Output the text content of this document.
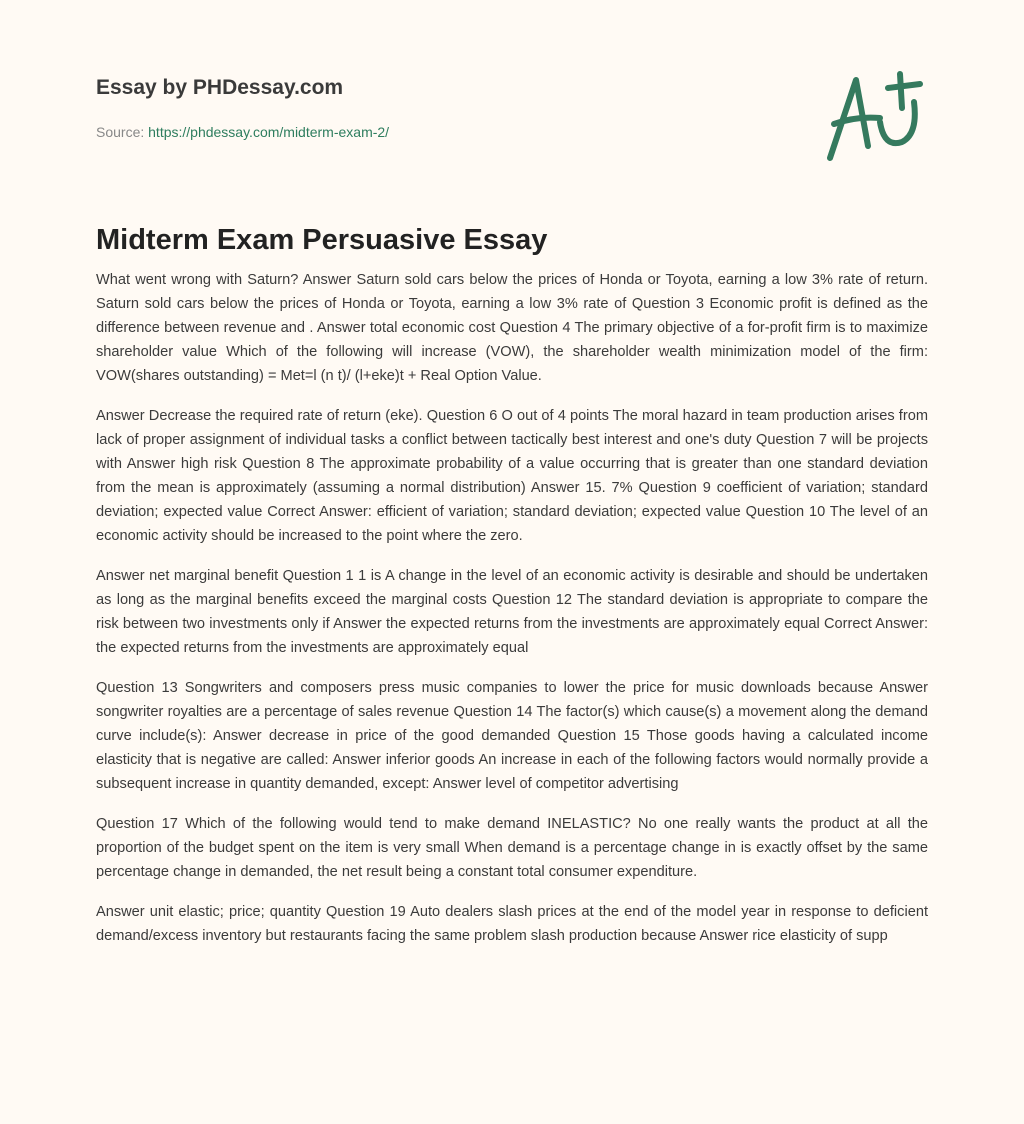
Essay by PHDessay.com
Source: https://phdessay.com/midterm-exam-2/
Midterm Exam Persuasive Essay

What went wrong with Saturn? Answer Saturn sold cars below the prices of Honda or Toyota, earning a low 3% rate of return. Saturn sold cars below the prices of Honda or Toyota, earning a low 3% rate of Question 3 Economic profit is defined as the difference between revenue and . Answer total economic cost Question 4 The primary objective of a for-profit firm is to maximize shareholder value Which of the following will increase (VOW), the shareholder wealth minimization model of the firm: VOW(shares outstanding) = Met=l (n t)/ (l+eke)t + Real Option Value.

Answer Decrease the required rate of return (eke). Question 6 O out of 4 points The moral hazard in team production arises from lack of proper assignment of individual tasks a conflict between tactically best interest and one's duty Question 7 will be projects with Answer high risk Question 8 The approximate probability of a value occurring that is greater than one standard deviation from the mean is approximately (assuming a normal distribution) Answer 15. 7% Question 9 coefficient of variation; standard deviation; expected value Correct Answer: efficient of variation; standard deviation; expected value Question 10 The level of an economic activity should be increased to the point where the zero.

Answer net marginal benefit Question 1 1 is A change in the level of an economic activity is desirable and should be undertaken as long as the marginal benefits exceed the marginal costs Question 12 The standard deviation is appropriate to compare the risk between two investments only if Answer the expected returns from the investments are approximately equal Correct Answer: the expected returns from the investments are approximately equal

Question 13 Songwriters and composers press music companies to lower the price for music downloads because Answer songwriter royalties are a percentage of sales revenue Question 14 The factor(s) which cause(s) a movement along the demand curve include(s): Answer decrease in price of the good demanded Question 15 Those goods having a calculated income elasticity that is negative are called: Answer inferior goods An increase in each of the following factors would normally provide a subsequent increase in quantity demanded, except: Answer level of competitor advertising

Question 17 Which of the following would tend to make demand INELASTIC? No one really wants the product at all the proportion of the budget spent on the item is very small When demand is a percentage change in is exactly offset by the same percentage change in demanded, the net result being a constant total consumer expenditure.

Answer unit elastic; price; quantity Question 19 Auto dealers slash prices at the end of the model year in response to deficient demand/excess inventory but restaurants facing the same problem slash production because Answer rice elasticity of supp
